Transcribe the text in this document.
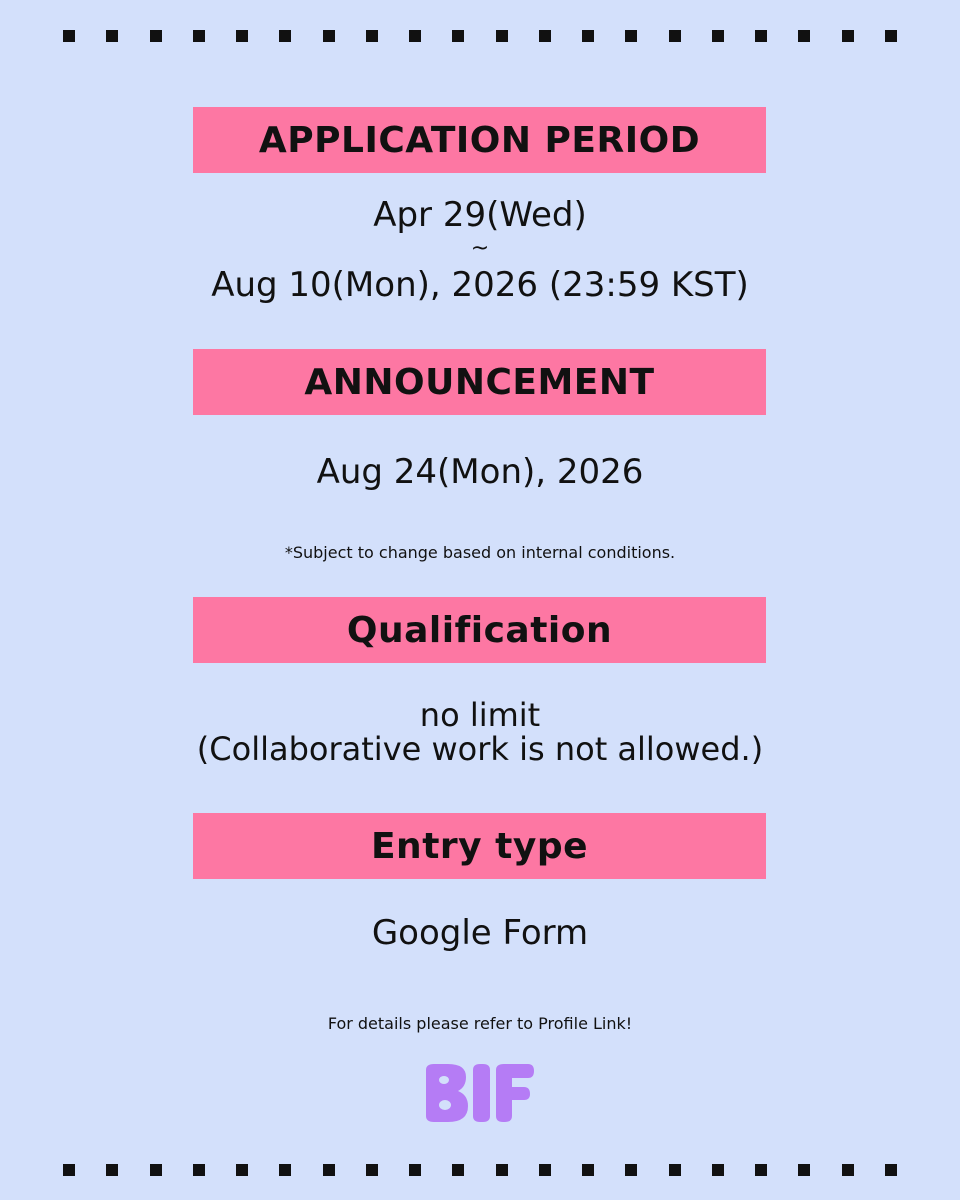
APPLICATION PERIOD
Apr 29(Wed)
~
Aug 10(Mon), 2026 (23:59 KST)
ANNOUNCEMENT
Aug 24(Mon), 2026
*Subject to change based on internal conditions.
Qualification
no limit
(Collaborative work is not allowed.)
Entry type
Google Form
For details please refer to Profile Link!
